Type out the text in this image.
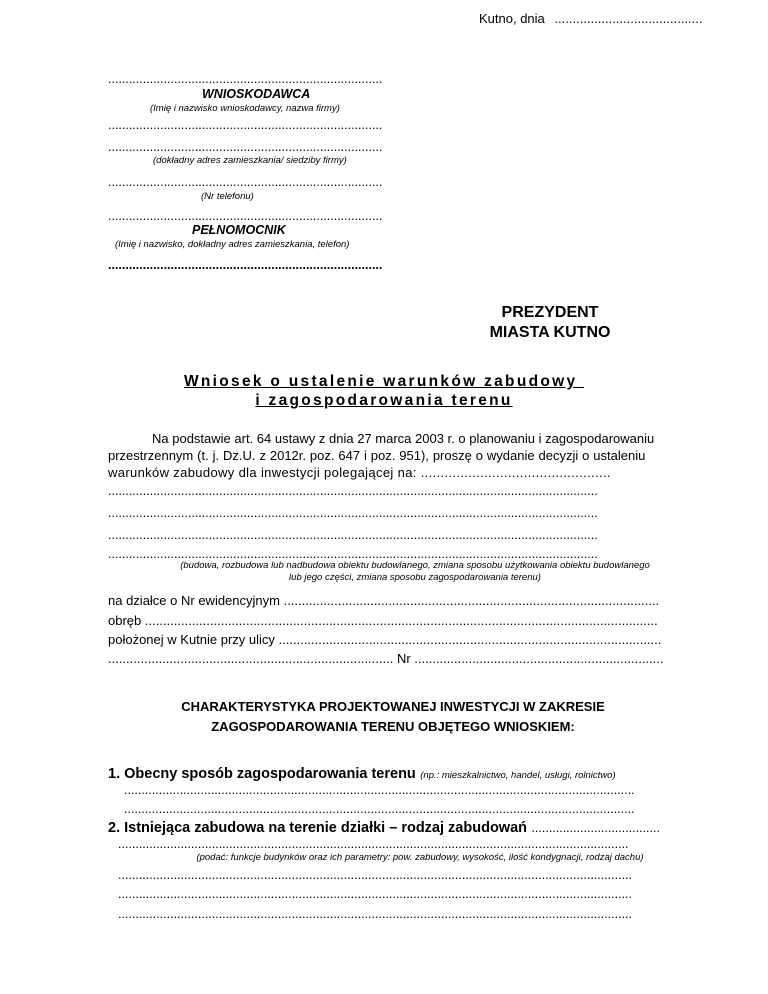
Kutno, dnia .........................................
...............................................................................
WNIOSKODAWCA
(Imię i nazwisko wnioskodawcy, nazwa firmy)
...............................................................................
...............................................................................
(dokładny adres zamieszkania/ siedziby firmy)
...............................................................................
(Nr telefonu)
...............................................................................
PEŁNOMOCNIK
(Imię i nazwisko, dokładny adres zamieszkania, telefon)
...............................................................................
PREZYDENT
MIASTA KUTNO
Wniosek o ustalenie warunków zabudowy
i zagospodarowania terenu
Na podstawie art. 64 ustawy z dnia 27 marca 2003 r. o planowaniu i zagospodarowaniu
przestrzennym (t. j. Dz.U. z 2012r. poz. 647 i poz. 951), proszę o wydanie decyzji o ustaleniu
warunków zabudowy dla inwestycji polegającej na: ................................................
.............................................................................................................................................
.............................................................................................................................................
.............................................................................................................................................
.............................................................................................................................................
(budowa, rozbudowa lub nadbudowa obiektu budowlanego, zmiana sposobu użytkowania obiektu budowlanego
lub jego części, zmiana sposobu zagospodarowania terenu)
na działce o Nr ewidencyjnym ........................................................................................................
obręb ..............................................................................................................................................
położonej w Kutnie przy ulicy ..........................................................................................................
............................................................................... Nr .....................................................................
CHARAKTERYSTYKA PROJEKTOWANEJ INWESTYCJI W ZAKRESIE
ZAGOSPODAROWANIA TERENU OBJĘTEGO WNIOSKIEM:
1. Obecny sposób zagospodarowania terenu (np.: mieszkalnictwo, handel, usługi, rolnictwo)
...................................................................................................................................................
...................................................................................................................................................
2. Istniejąca zabudowa na terenie działki – rodzaj zabudowań .....................................
...................................................................................................................................................
(podać: funkcje budynków oraz ich parametry: pow. zabudowy, wysokość, ilość kondygnacji, rodzaj dachu)
....................................................................................................................................................
....................................................................................................................................................
....................................................................................................................................................
